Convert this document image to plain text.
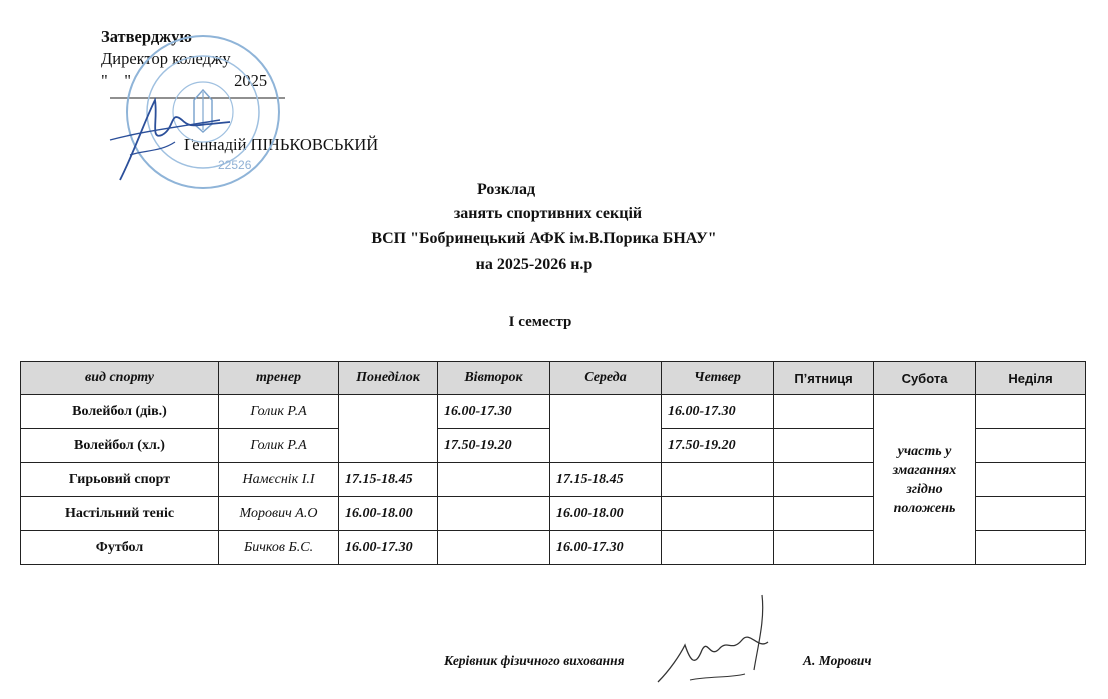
Затверджую
Директор коледжу
"    "                         2025
Геннадій ПІНЬКОВСЬКИЙ
22526
Розклад
занять спортивних секцій
ВСП "Бобринецький АФК ім.В.Порика БНАУ"
на 2025-2026 н.р
І семестр
вид спорту	тренер	Понеділок	Вівторок	Середа	Четвер	Пʼятниця	Субота	Неділя
Волейбол (дів.)	Голик Р.А		16.00-17.30		16.00-17.30		участь у змаганнях згідно положень	
Волейбол (хл.)	Голик Р.А		17.50-19.20		17.50-19.20			
Гирьовий спорт	Намєснік І.І	17.15-18.45		17.15-18.45				
Настільний теніс	Морович А.О	16.00-18.00		16.00-18.00				
Футбол	Бичков Б.С.	16.00-17.30		16.00-17.30				
Керівник фізичного виховання	А. Морович
